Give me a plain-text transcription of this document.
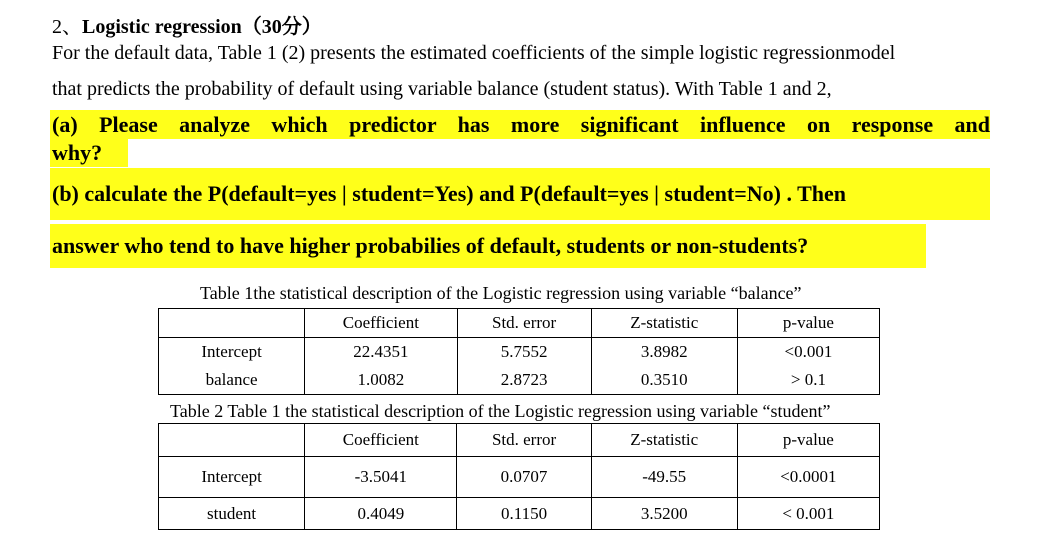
2、Logistic regression（30分）
For the default data, Table 1 (2) presents the estimated coefficients of the simple logistic regressionmodel
that predicts the probability of default using variable balance (student status). With Table 1 and 2,
(a) Please analyze which predictor has more significant influence on response and
why?
(b) calculate the P(default=yes | student=Yes) and P(default=yes | student=No) . Then
answer who tend to have higher probabilies of default, students or non-students?
Table 1the statistical description of the Logistic regression using variable “balance”
	Coefficient	Std. error	Z-statistic	p-value
Intercept	22.4351	5.7552	3.8982	<0.001
balance	1.0082	2.8723	0.3510	> 0.1
Table 2 Table 1 the statistical description of the Logistic regression using variable “student”
	Coefficient	Std. error	Z-statistic	p-value
Intercept	-3.5041	0.0707	-49.55	<0.0001
student	0.4049	0.1150	3.5200	< 0.001
